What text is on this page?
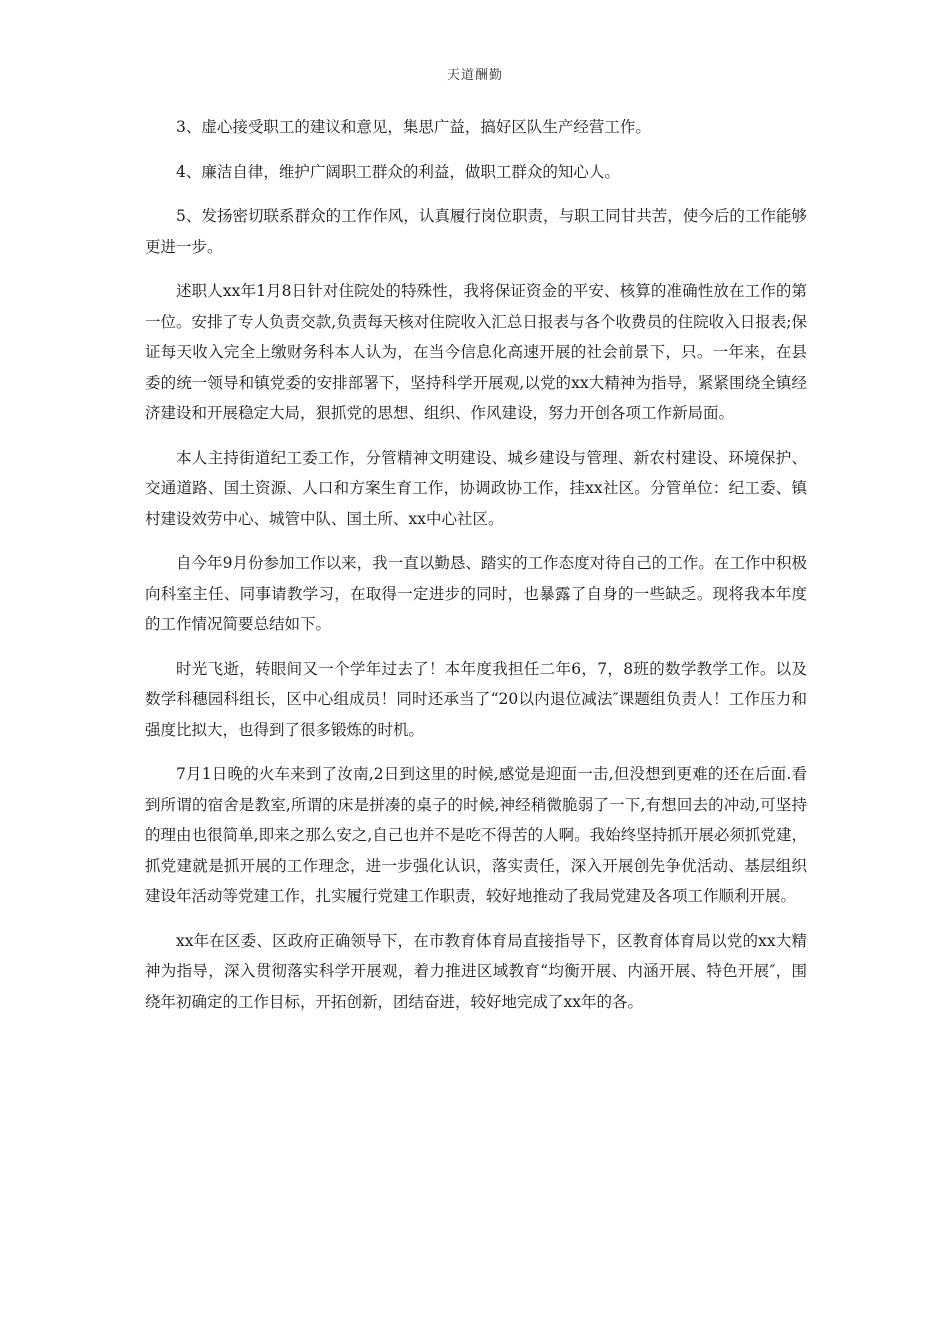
天道酬勤

3、虚心接受职工的建议和意见，集思广益，搞好区队生产经营工作。

4、廉洁自律，维护广阔职工群众的利益，做职工群众的知心人。

5、发扬密切联系群众的工作作风，认真履行岗位职责，与职工同甘共苦，使今后的工作能够更进一步。

述职人xx年1月8日针对住院处的特殊性，我将保证资金的平安、核算的准确性放在工作的第一位。安排了专人负责交款,负责每天核对住院收入汇总日报表与各个收费员的住院收入日报表;保证每天收入完全上缴财务科本人认为，在当今信息化高速开展的社会前景下，只。一年来，在县委的统一领导和镇党委的安排部署下，坚持科学开展观,以党的xx大精神为指导，紧紧围绕全镇经济建设和开展稳定大局，狠抓党的思想、组织、作风建设，努力开创各项工作新局面。

本人主持街道纪工委工作，分管精神文明建设、城乡建设与管理、新农村建设、环境保护、交通道路、国土资源、人口和方案生育工作，协调政协工作，挂xx社区。分管单位：纪工委、镇村建设效劳中心、城管中队、国土所、xx中心社区。

自今年9月份参加工作以来，我一直以勤恳、踏实的工作态度对待自己的工作。在工作中积极向科室主任、同事请教学习，在取得一定进步的同时，也暴露了自身的一些缺乏。现将我本年度的工作情况简要总结如下。

时光飞逝，转眼间又一个学年过去了！本年度我担任二年6，7，8班的数学教学工作。以及数学科穗园科组长，区中心组成员！同时还承当了“20以内退位减法″课题组负责人！工作压力和强度比拟大，也得到了很多锻炼的时机。

7月1日晚的火车来到了汝南,2日到这里的时候,感觉是迎面一击,但没想到更难的还在后面.看到所谓的宿舍是教室,所谓的床是拼凑的桌子的时候,神经稍微脆弱了一下,有想回去的冲动,可坚持的理由也很简单,即来之那么安之,自己也并不是吃不得苦的人啊。我始终坚持抓开展必须抓党建，抓党建就是抓开展的工作理念，进一步强化认识，落实责任，深入开展创先争优活动、基层组织建设年活动等党建工作，扎实履行党建工作职责，较好地推动了我局党建及各项工作顺利开展。

xx年在区委、区政府正确领导下，在市教育体育局直接指导下，区教育体育局以党的xx大精神为指导，深入贯彻落实科学开展观，着力推进区域教育“均衡开展、内涵开展、特色开展″，围绕年初确定的工作目标，开拓创新，团结奋进，较好地完成了xx年的各。
